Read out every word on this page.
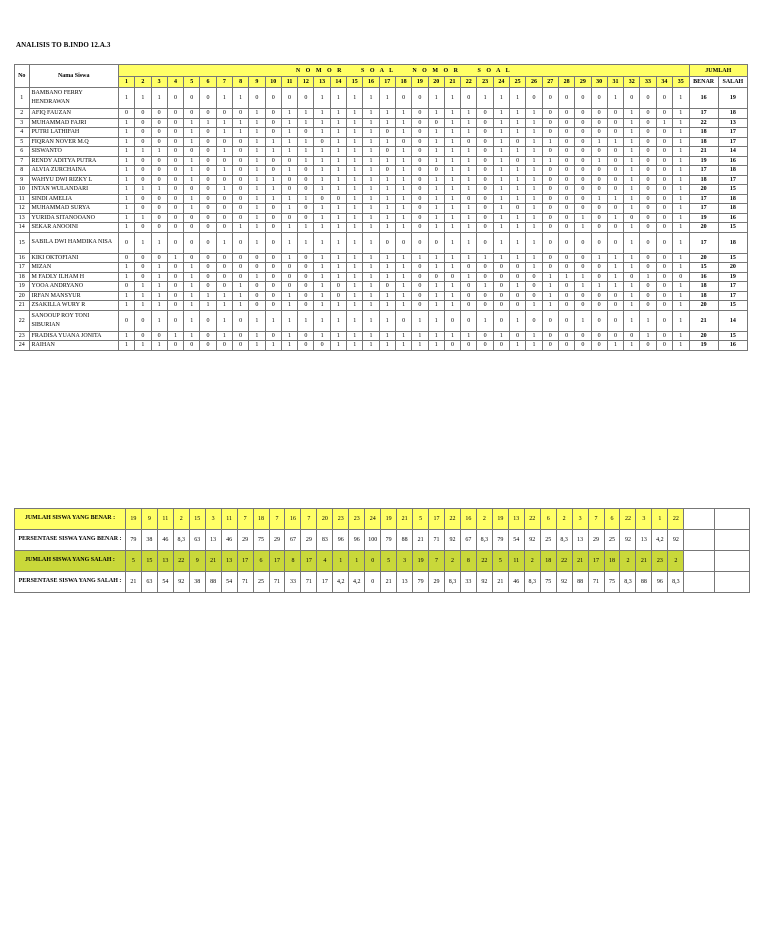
ANALISIS TO B.INDO 12.A.3
No	Nama Siswa	N O M O R     S O A L     N O M O R     S O A L																																			JUMLAH	
		1	2	3	4	5	6	7	8	9	10	11	12	13	14	15	16	17	18	19	20	21	22	23	24	25	26	27	28	29	30	31	32	33	34	35	BENAR	SALAH
1	BAMBANO FERRY HENDRAWAN	1	1	1	0	0	0	1	1	0	0	0	0	1	1	1	1	1	0	0	1	1	0	1	1	1	0	0	0	0	0	1	0	0	0	1	16	19
2	AFIQ FAUZAN	0	0	0	0	0	0	0	0	1	0	1	1	1	1	1	1	1	1	0	1	1	1	0	1	1	1	0	0	0	0	0	1	0	0	1	17	18
3	MUHAMMAD FAJRI	1	0	0	0	1	1	1	1	1	0	1	1	1	1	1	1	1	1	0	0	1	1	0	1	1	1	0	0	0	0	0	1	0	1	1	22	13
4	PUTRI LATHIFAH	1	0	0	0	1	0	1	1	1	0	1	0	1	1	1	1	0	1	0	1	1	1	0	1	1	1	0	0	0	0	0	1	0	0	1	18	17
5	FIQRAN NOVER M.Q	1	0	0	0	1	0	0	0	1	1	1	1	0	1	1	1	1	0	0	1	1	0	0	1	0	1	1	0	0	1	1	1	0	0	1	18	17
6	SISWANTO	1	1	1	0	0	0	1	0	1	1	1	1	1	1	1	1	0	1	0	1	1	1	0	1	1	1	0	0	0	0	0	1	0	0	1	21	14
7	RENDY ADITYA PUTRA	1	0	0	0	1	0	0	0	1	0	0	1	1	1	1	1	1	1	0	1	1	1	0	1	0	1	1	0	0	1	0	1	0	0	1	19	16
8	ALVIA ZURCHAINA	1	0	0	0	1	0	1	0	1	0	1	0	1	1	1	1	0	1	0	0	1	1	0	1	1	1	0	0	0	0	0	1	0	0	1	17	18
9	WAHYU DWI RIZKY L	1	0	0	0	1	0	0	0	1	1	0	0	1	1	1	1	1	1	0	1	1	1	0	1	1	1	0	0	0	0	0	1	0	0	1	18	17
10	INTAN WULANDARI	1	1	1	0	0	0	1	0	1	1	0	0	1	1	1	1	1	1	0	1	1	1	0	1	1	1	0	0	0	0	0	1	0	0	1	20	15
11	SINDI AMELIA	1	0	0	0	1	0	0	0	1	1	1	1	0	0	1	1	1	1	0	1	1	0	0	1	1	1	0	0	0	1	1	1	0	0	1	17	18
12	MUHAMMAD SURYA	1	0	0	0	1	0	0	0	1	0	1	0	1	1	1	1	1	1	0	1	1	1	0	1	0	1	0	0	0	0	0	1	0	0	1	17	18
13	YURIDA SITANOOANO	1	1	0	0	0	0	0	0	1	0	0	0	1	1	1	1	1	1	0	1	1	1	0	1	1	1	0	0	1	0	1	0	0	0	1	19	16
14	SEKAR ANOOINI	1	0	0	0	0	0	0	1	1	0	1	1	1	1	1	1	1	1	0	1	1	1	0	1	1	1	0	0	1	0	0	1	0	0	1	20	15
15	SABILA DWI HAMDIKA NISA	0	1	1	0	0	0	1	0	1	0	1	1	1	1	1	1	0	0	0	0	1	1	0	1	1	1	0	0	0	0	0	1	0	0	1	17	18
16	KIKI OKTOFIANI	0	0	0	1	0	0	0	0	0	0	1	0	1	1	1	1	1	1	1	1	1	1	1	1	1	1	0	0	0	1	1	1	0	0	1	20	15
17	MIZAN	1	0	1	0	1	0	0	0	0	0	0	0	1	1	1	1	1	1	0	1	1	0	0	0	0	1	0	0	0	0	1	1	0	0	1	15	20
18	M FADLY ILHAM H	1	0	1	0	1	0	0	0	1	0	0	0	1	1	1	1	1	1	0	0	0	1	0	0	0	0	1	1	1	0	1	0	1	0	0	16	19
19	YOOA ANDRYANO	0	1	1	0	1	0	0	1	0	0	0	0	1	0	1	1	0	1	0	1	1	0	1	0	1	0	1	0	1	1	1	1	0	0	1	18	17
20	IRFAN MANSYUR	1	1	1	0	1	1	1	1	0	0	1	0	1	0	1	1	1	1	0	1	1	0	0	0	0	0	1	0	0	0	0	1	0	0	1	18	17
21	ZSAKILLA WURY R	1	1	1	0	1	1	1	1	0	0	1	0	1	1	1	1	1	1	0	1	1	0	0	0	0	1	1	0	0	0	0	1	0	0	1	20	15
22	SANOOUP ROY TONI SIBURIAN	0	0	1	0	1	0	1	0	1	1	1	1	1	1	1	1	1	0	1	1	0	0	1	0	1	0	0	0	1	0	0	1	1	0	1	21	14
23	FRADISA YUANA JONITA	1	0	0	1	1	0	1	0	1	0	1	0	1	1	1	1	1	1	1	1	1	1	0	1	0	1	0	0	0	0	0	0	1	0	1	20	15
24	RAIHAN	1	1	1	0	0	0	0	0	1	1	1	0	0	1	1	1	1	1	1	1	0	0	0	0	1	1	0	0	0	0	1	1	0	0	1	19	16
JUMLAH SISWA YANG BENAR :	19	9	11	2	15	3	11	7	18	7	16	7	20	23	23	24	19	21	5	17	22	16	2	19	13	22	6	2	3	7	6	22	3	1	22		
PERSENTASE SISWA YANG BENAR :	79	38	46	8,3	63	13	46	29	75	29	67	29	83	96	96	100	79	88	21	71	92	67	8,3	79	54	92	25	8,3	13	29	25	92	13	4,2	92		
JUMLAH SISWA YANG SALAH :	5	15	13	22	9	21	13	17	6	17	8	17	4	1	1	0	5	3	19	7	2	8	22	5	11	2	18	22	21	17	18	2	21	23	2		
PERSENTASE SISWA YANG SALAH :	21	63	54	92	38	88	54	71	25	71	33	71	17	4,2	4,2	0	21	13	79	29	8,3	33	92	21	46	8,3	75	92	88	71	75	8,3	88	96	8,3		
